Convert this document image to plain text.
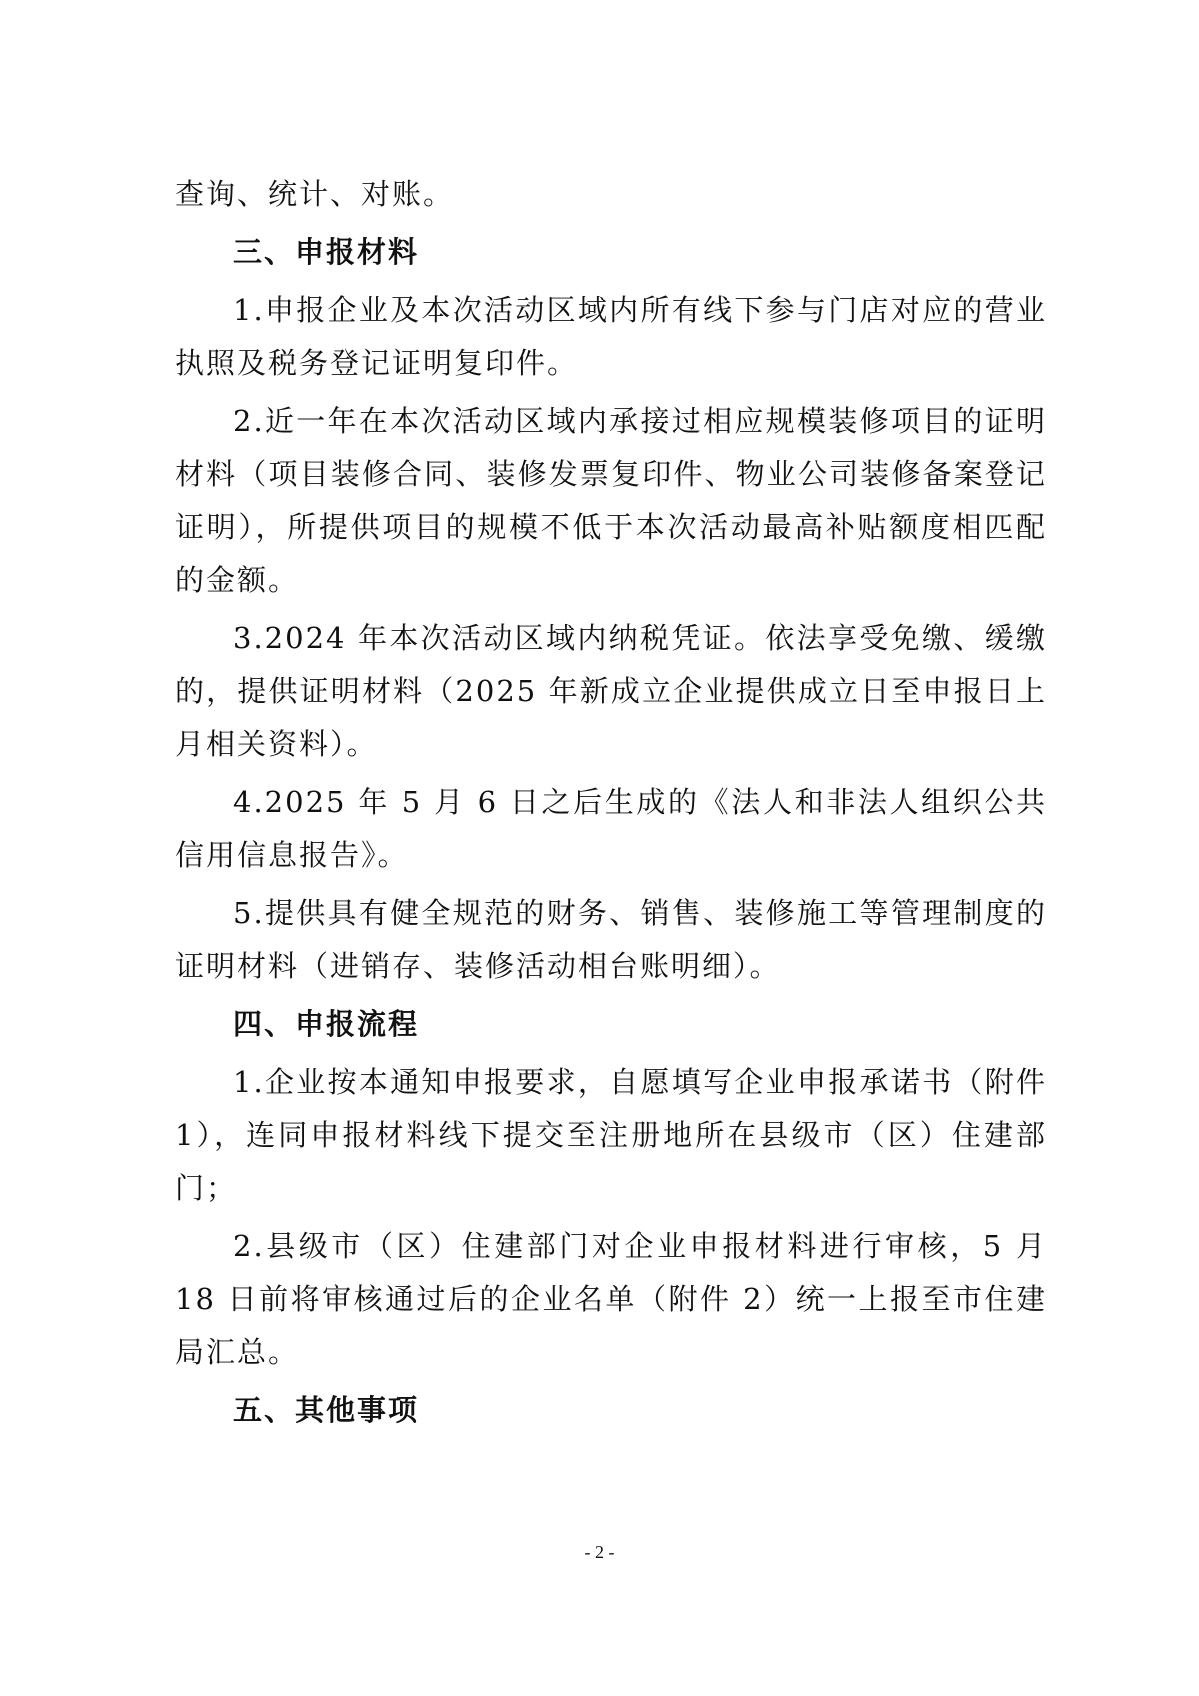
查询、统计、对账。

三、申报材料

1.申报企业及本次活动区域内所有线下参与门店对应的营业执照及税务登记证明复印件。

2.近一年在本次活动区域内承接过相应规模装修项目的证明材料（项目装修合同、装修发票复印件、物业公司装修备案登记证明），所提供项目的规模不低于本次活动最高补贴额度相匹配的金额。

3.2024 年本次活动区域内纳税凭证。依法享受免缴、缓缴的，提供证明材料（2025 年新成立企业提供成立日至申报日上月相关资料）。

4.2025 年 5 月 6 日之后生成的《法人和非法人组织公共信用信息报告》。

5.提供具有健全规范的财务、销售、装修施工等管理制度的证明材料（进销存、装修活动相台账明细）。

四、申报流程

1.企业按本通知申报要求，自愿填写企业申报承诺书（附件 1），连同申报材料线下提交至注册地所在县级市（区）住建部门；

2.县级市（区）住建部门对企业申报材料进行审核，5 月 18 日前将审核通过后的企业名单（附件 2）统一上报至市住建局汇总。

五、其他事项
- 2 -
